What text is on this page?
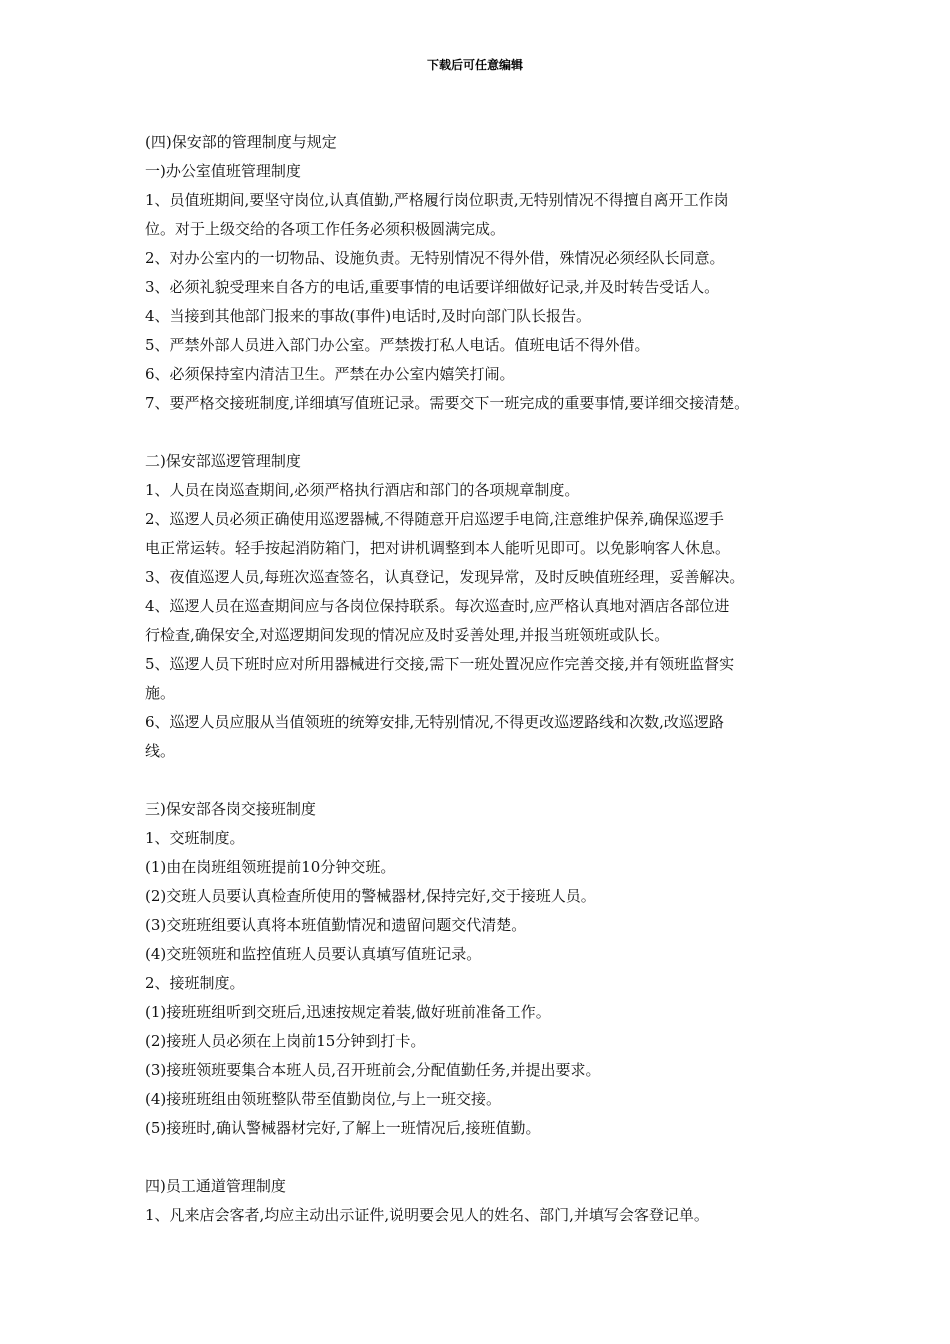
下载后可任意编辑

(四)保安部的管理制度与规定

一)办公室值班管理制度

1、员值班期间,要坚守岗位,认真值勤,严格履行岗位职责,无特别情况不得擅自离开工作岗

位。对于上级交给的各项工作任务必须积极圆满完成。

2、对办公室内的一切物品、设施负责。无特别情况不得外借，殊情况必须经队长同意。

3、必须礼貌受理来自各方的电话,重要事情的电话要详细做好记录,并及时转告受话人。

4、当接到其他部门报来的事故(事件)电话时,及时向部门队长报告。

5、严禁外部人员进入部门办公室。严禁拨打私人电话。值班电话不得外借。

6、必须保持室内清洁卫生。严禁在办公室内嬉笑打闹。

7、要严格交接班制度,详细填写值班记录。需要交下一班完成的重要事情,要详细交接清楚。

二)保安部巡逻管理制度

1、人员在岗巡查期间,必须严格执行酒店和部门的各项规章制度。

2、巡逻人员必须正确使用巡逻器械,不得随意开启巡逻手电筒,注意维护保养,确保巡逻手

电正常运转。轻手按起消防箱门，把对讲机调整到本人能听见即可。以免影响客人休息。

3、夜值巡逻人员,每班次巡查签名，认真登记，发现异常，及时反映值班经理，妥善解决。

4、巡逻人员在巡查期间应与各岗位保持联系。每次巡查时,应严格认真地对酒店各部位进

行检查,确保安全,对巡逻期间发现的情况应及时妥善处理,并报当班领班或队长。

5、巡逻人员下班时应对所用器械进行交接,需下一班处置况应作完善交接,并有领班监督实

施。

6、巡逻人员应服从当值领班的统筹安排,无特别情况,不得更改巡逻路线和次数,改巡逻路

线。

三)保安部各岗交接班制度

1、交班制度。

(1)由在岗班组领班提前10分钟交班。

(2)交班人员要认真检查所使用的警械器材,保持完好,交于接班人员。

(3)交班班组要认真将本班值勤情况和遗留问题交代清楚。

(4)交班领班和监控值班人员要认真填写值班记录。

2、接班制度。

(1)接班班组听到交班后,迅速按规定着装,做好班前准备工作。

(2)接班人员必须在上岗前15分钟到打卡。

(3)接班领班要集合本班人员,召开班前会,分配值勤任务,并提出要求。

(4)接班班组由领班整队带至值勤岗位,与上一班交接。

(5)接班时,确认警械器材完好,了解上一班情况后,接班值勤。

四)员工通道管理制度

1、凡来店会客者,均应主动出示证件,说明要会见人的姓名、部门,并填写会客登记单。
